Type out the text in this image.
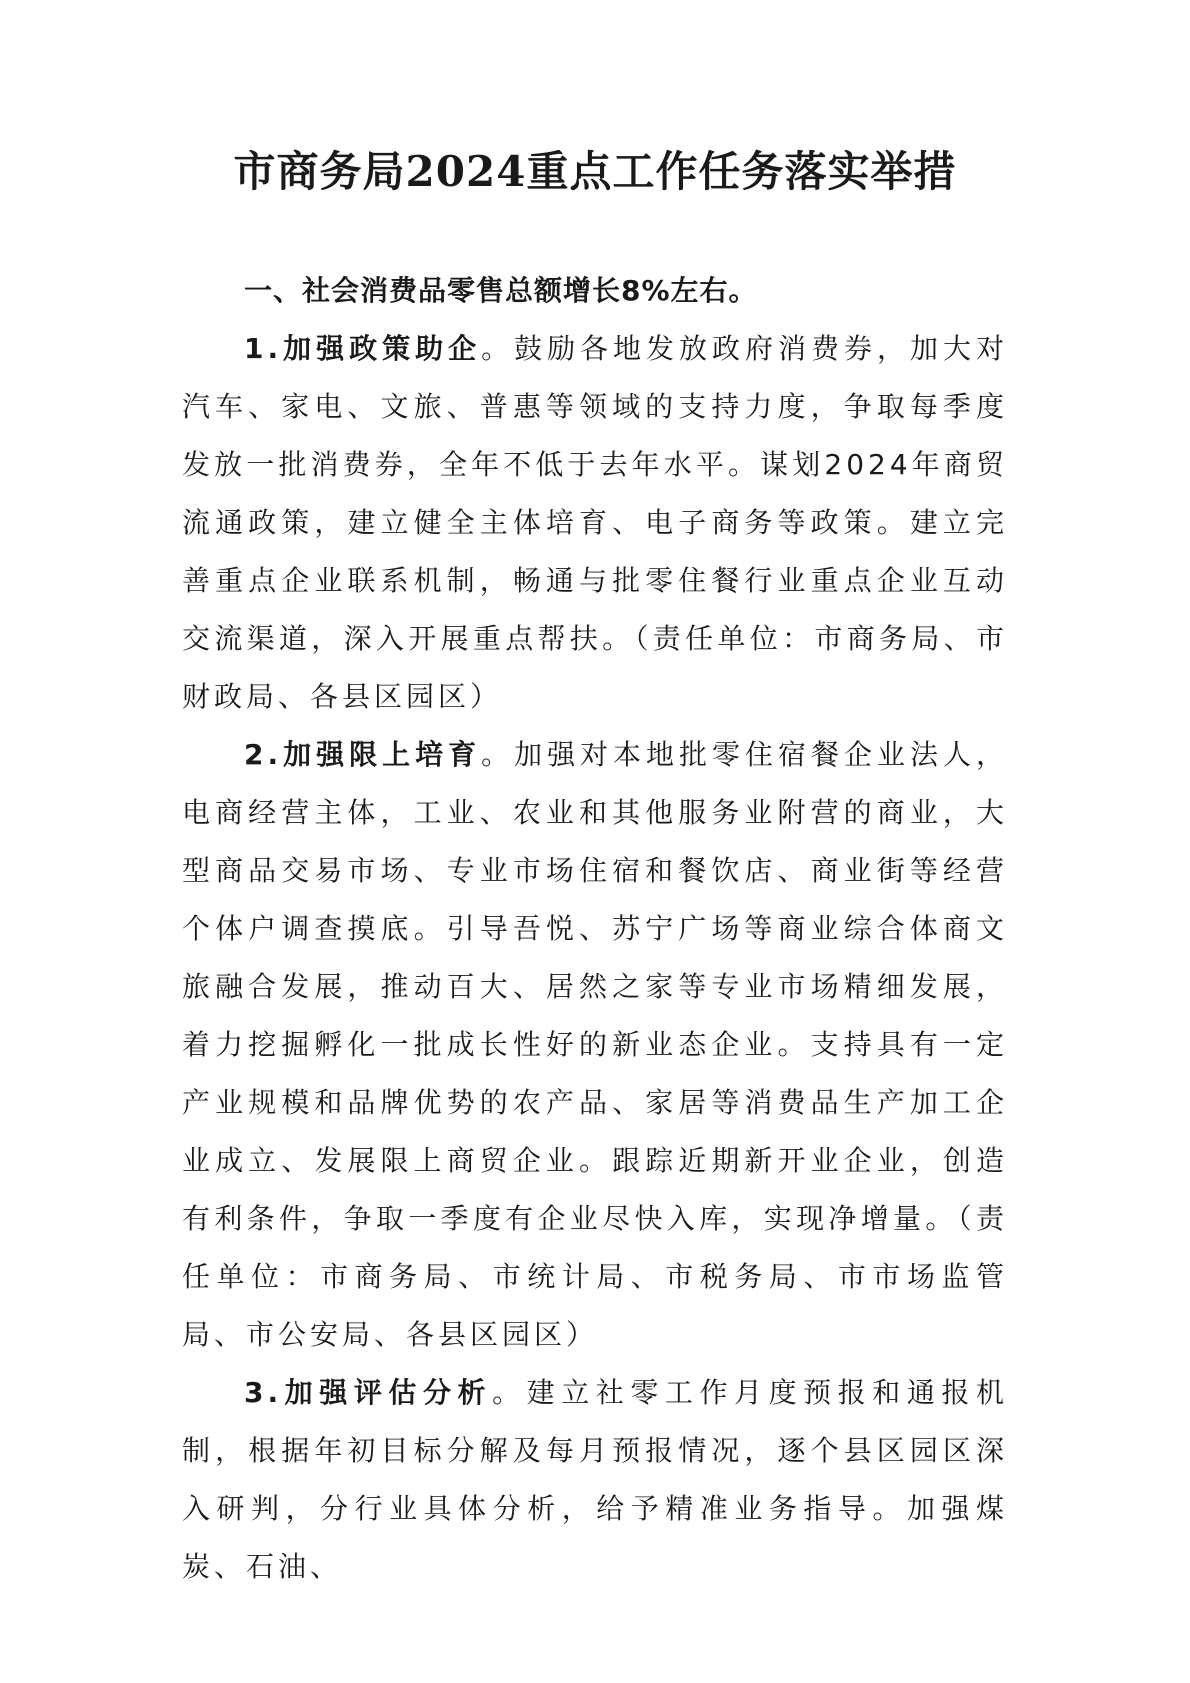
市商务局2024重点工作任务落实举措

一、社会消费品零售总额增长8%左右。

1.加强政策助企。鼓励各地发放政府消费券，加大对汽车、家电、文旅、普惠等领域的支持力度，争取每季度发放一批消费券，全年不低于去年水平。谋划2024年商贸流通政策，建立健全主体培育、电子商务等政策。建立完善重点企业联系机制，畅通与批零住餐行业重点企业互动交流渠道，深入开展重点帮扶。（责任单位：市商务局、市财政局、各县区园区）

2.加强限上培育。加强对本地批零住宿餐企业法人，电商经营主体，工业、农业和其他服务业附营的商业，大型商品交易市场、专业市场住宿和餐饮店、商业街等经营个体户调查摸底。引导吾悦、苏宁广场等商业综合体商文旅融合发展，推动百大、居然之家等专业市场精细发展，着力挖掘孵化一批成长性好的新业态企业。支持具有一定产业规模和品牌优势的农产品、家居等消费品生产加工企业成立、发展限上商贸企业。跟踪近期新开业企业，创造有利条件，争取一季度有企业尽快入库，实现净增量。（责任单位：市商务局、市统计局、市税务局、市市场监管局、市公安局、各县区园区）

3.加强评估分析。建立社零工作月度预报和通报机制，根据年初目标分解及每月预报情况，逐个县区园区深入研判，分行业具体分析，给予精准业务指导。加强煤炭、石油、
